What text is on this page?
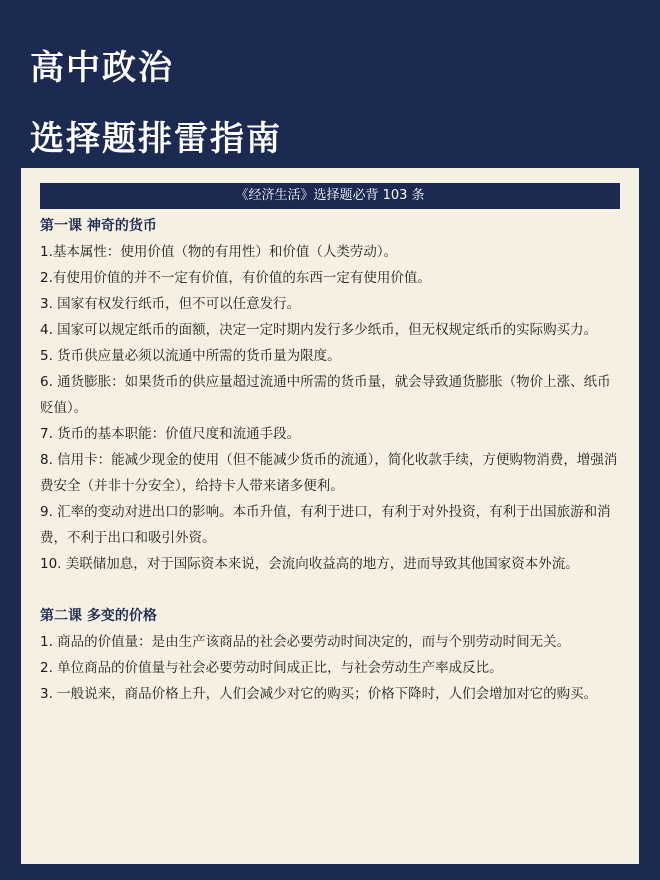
高中政治
选择题排雷指南
《经济生活》选择题必背 103 条
第一课 神奇的货币
1.基本属性：使用价值（物的有用性）和价值（人类劳动）。
2.有使用价值的并不一定有价值，有价值的东西一定有使用价值。
3. 国家有权发行纸币，但不可以任意发行。
4. 国家可以规定纸币的面额，决定一定时期内发行多少纸币，但无权规定纸币的实际购买力。
5. 货币供应量必须以流通中所需的货币量为限度。
6. 通货膨胀：如果货币的供应量超过流通中所需的货币量，就会导致通货膨胀（物价上涨、纸币贬值）。
7. 货币的基本职能：价值尺度和流通手段。
8. 信用卡：能减少现金的使用（但不能减少货币的流通），简化收款手续，方便购物消费，增强消费安全（并非十分安全），给持卡人带来诸多便利。
9. 汇率的变动对进出口的影响。本币升值，有利于进口，有利于对外投资，有利于出国旅游和消费，不利于出口和吸引外资。
10. 美联储加息，对于国际资本来说，会流向收益高的地方，进而导致其他国家资本外流。
第二课 多变的价格
1. 商品的价值量：是由生产该商品的社会必要劳动时间决定的，而与个别劳动时间无关。
2. 单位商品的价值量与社会必要劳动时间成正比，与社会劳动生产率成反比。
3. 一般说来，商品价格上升，人们会减少对它的购买；价格下降时，人们会增加对它的购买。
